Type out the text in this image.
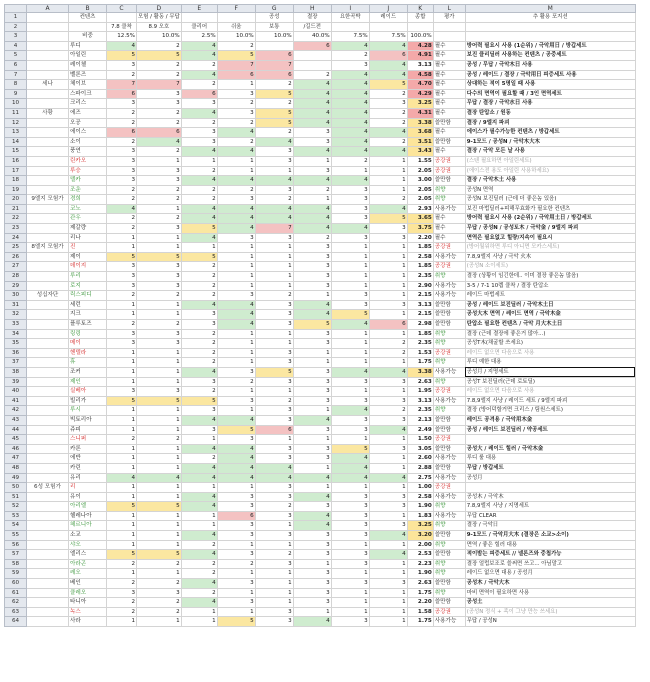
	A	B	C	D	E	F	G	H	I	J	K	L	M
1		컨텐츠		모험 / 활동 / 무답			공성	결장	요한곡박	레이드	종합	평가	추 활용 포지션
2			7.8 클착	8.9 오호	클리어	쉬움	보통	/길드전					
3		비중	12.5%	10.0%	2.5%	10.0%	10.0%	40.0%	7.5%	7.5%	100.0%		
4		루디	4	2	4	2		6	4	4	4.28	필수	방어력 필요시 사용 (1순위) / 극악用日 / 방갑세트
5		아일린	5	5	4	5	6		2	6	4.91	필수	보진 클리딜러 사용하는 컨텐츠 / 공중세트
6		레이첼	3	2	2	7	7		3	4	3.13	필수	공성 / 무답 / 극악木日 사용
7		벨론즈	2	2	4	6	6	2	4	4	4.58	필수	공성 / 레이드 / 결장 / 극악用日 피증세트 사용
8	세나	체이브	7	7	2	1	2	4	4	5	4.70	필수	상대하는 적이 5명일 때 사용
9		스파이크	6	3	6	3	5	4	4	2	4.29	필수	다수의 면역이 필요할 때 / 3인 면역세트
10		크리스	3	3	3	2	2	4	4	3	3.25	필수	무답 / 결장 / 극악水日 사용
11	사황	에즈	2	2	4	3	5	4	4	2	4.31	필수	결장 탄압소 / 원동
12		오공	2	2	2	2	5	4	4	2	3.38	쓸만함	결장 / 9엘지 파괴
13		에이스	6	6	3	4	2	3	4	4	3.68	필수	에이스가 필수가능한 컨텐츠 / 방갑세트
14		소이	2	4	3	2	4	3	4	2	3.51	쓸만함	9-1모드 / 공성N / 극악木大木
15		풍연	3	2	4	4	3	4	4	4	3.43	필수	결장 / 극악 모든 날 사용
16		린카오	3	1	1	1	3	1	2	1	1.55	공강권	(스텐 필요하면 아일린세트)
17		루승	3	3	2	1	1	3	1	1	2.05	공강권	(에이스전 용도 아일린 사용하세요)
18		델카	3	3	4	4	4	4	4	1	3.00	쓸만함	결장 / 극악木土 사용
19		조운	2	2	2	2	3	2	3	1	2.05	취향	공성N 면역
20	9엘지 모험가	경희	2	2	2	3	2	1	3	2	2.05	취향	공성N 보진딜러 (근데 더 좋은놈 있음)
21		코노	4	1	4	4	4	4	3	4	2.93	사용가능	보진 마법딜러+피해무효화가 필요한 컨텐츠
22		관우	2	2	4	4	4	4	3	5	3.65	필수	방어력 필요시 사용 (2순위) / 극악用土日 / 방갑세트
23		제갈량	2	3	5	4	7	4	4	3	3.75	필수	무답 / 공성N / 공성토木 / 극악金 / 9엘지 파괴
24		리나	1	1	4	3	3	2	3	3	2.20	필수	면역은 필요없고 힐량/지속이 필요시
25	8엘지 모험가	진	1	1	1	1	1	3	1	1	1.85	공강권	(방어월워하면 루디 아니면 모카스세트)
26		제이	5	5	5	1	1	3	1	1	2.58	사용가능	7.8,9엘지 사냥 / 극악 火木
27		데이지	3	3	2	1	1	3	1	1	1.85	공강권	(공성N 소이세트)
28		루리	3	3	2	1	1	3	1	1	2.35	취향	결장 (상황이 임긴한데.. 이미 결장 좋은놈 많음)
29		로지	3	3	2	1	1	3	1	1	2.90	사용가능	3-5 / 7-1 10렙 클착 / 결장 탄압소
30	성십자단	릭스피디	2	2	2	3	2	1	3	1	2.15	사용가능	레이드 마법세트
31		세런	1	1	4	4	3	4	3	3	3.13	쓸만함	공성 / 레이드 보진딜러 / 극악木土日
32		지크	1	1	3	4	3	4	5	1	2.15	쓸만함	공성大木 면역 / 레이드 면역 / 극악木金
33		플루토즈	2	2	3	4	3	5	4	6	2.98	쓸만함	탄압소 필요한 컨텐츠 / 극악 月大木土日
34		링링	3	3	2	1	1	3	1	1	1.85	취향	결장 (근데 결장에 좋은거 많아...)
35		메이	3	3	2	1	1	3	1	2	2.35	취향	공성T木(채굴할 쓰세요)
36		헨델라	1	1	2	1	3	1	1	2	1.53	공강권	레이드 없으면 다음으로 사용
37		휴	1	1	2	1	3	1	1	1	1.75	취향	루디 예한 대용
38		조커	1	1	4	3	5	3	4	4	3.38	사용가능	공성月 / 지명세트
39		제인	1	1	3	2	3	3	3	3	2.63	취향	공성T 보진딜러(근데 로토딜)
40		실베아	3	3	2	1	1	3	1	1	1.95	공강권	레이드 없으면 다음으로 사용
41		빌리가	5	5	5	3	2	3	3	3	3.13	사용가능	7.8,9엘지 사냥 / 레이드 세트 / 9엘지 파괴
42		루시	1	1	3	1	3	1	4	2	2.35	취향	결장 (방어덕할거면 크리스 / 팀원스세트)
43		빅토리아	1	1	4	4	3	4	3	3	2.13	쓸만함	레이드 공격용 / 극악用木金
44		쥬피	1	1	3	5	6	3	3	4	2.49	쓸만함	공성 / 레이드 보진딜러 / 약공세트
45		스니퍼	2	2	1	3	1	1	1	1	1.50	공강권	
46		카론	1	1	4	4	3	3	5	3	3.05	쓸만함	공성大 / 레이드 힐러 / 극악木金
47		에반	1	1	2	4	3	3	4	1	2.60	사용가능	루디 룰 대용
48		카린	1	1	4	4	4	1	4	1	2.88	쓸만함	무답 / 방갑세트
49		유리	4	4	4	4	4	4	4	4	2.75	사용가능	공성月
50	6성 모험가	리	1	1	1	1	3	1	1	1	1.00	공강권	
51		유이	1	1	4	3	3	4	3	3	2.58	사용가능	공성木 / 극악木
52		아리엘	5	5	4	3	2	3	3	3	1.90	취향	7.8,9엘지 사냥 / 지명세트
53		헬레나아	1	1	1	6	3	4	3	1	1.83	사용가능	무답 CLEAR
54		헤르니아	1	1	1	3	1	4	3	3	3.25	취향	결장 / 극악日
55		소교	1	1	4	3	3	3	3	4	3.20	쓸만함	9-1모드 / 극악月大木 (결장은 소교>소이)
56		샤오	1	1	2	1	1	3	1	1	2.00	취향	면역 / 좋은 힐러 대용
57		엘리스	5	5	4	3	2	3	3	4	2.53	쓸만함	적이밤는 피증세트 // 넬론즈와 중첩가능
58		아라곤	2	2	2	2	3	1	3	1	2.23	취향	결장 얼럽보조로 쓸써면 쓰고... 아님말고
59		레오	1	1	2	1	1	3	1	1	1.90	취향	레이드 없으면 대용 / 공성月
60		베인	2	2	4	3	1	3	3	3	2.63	쓸만함	공성木 / 극악大木
61		클레오	3	3	2	1	1	3	1	1	1.75	취향	마비 면역이 필요하면 사용
62		타니아	2	2	4	3	1	3	1	1	2.20	쓸만함	공성土
63		녹스	2	2	1	1	3	1	1	1	1.58	공강권	(공성N 정식 + 족이 그냥 만능 쓰세요)
64		사라	1	1	1	5	3	4	3	1	1.75	사용가능	무답 / 공성N
